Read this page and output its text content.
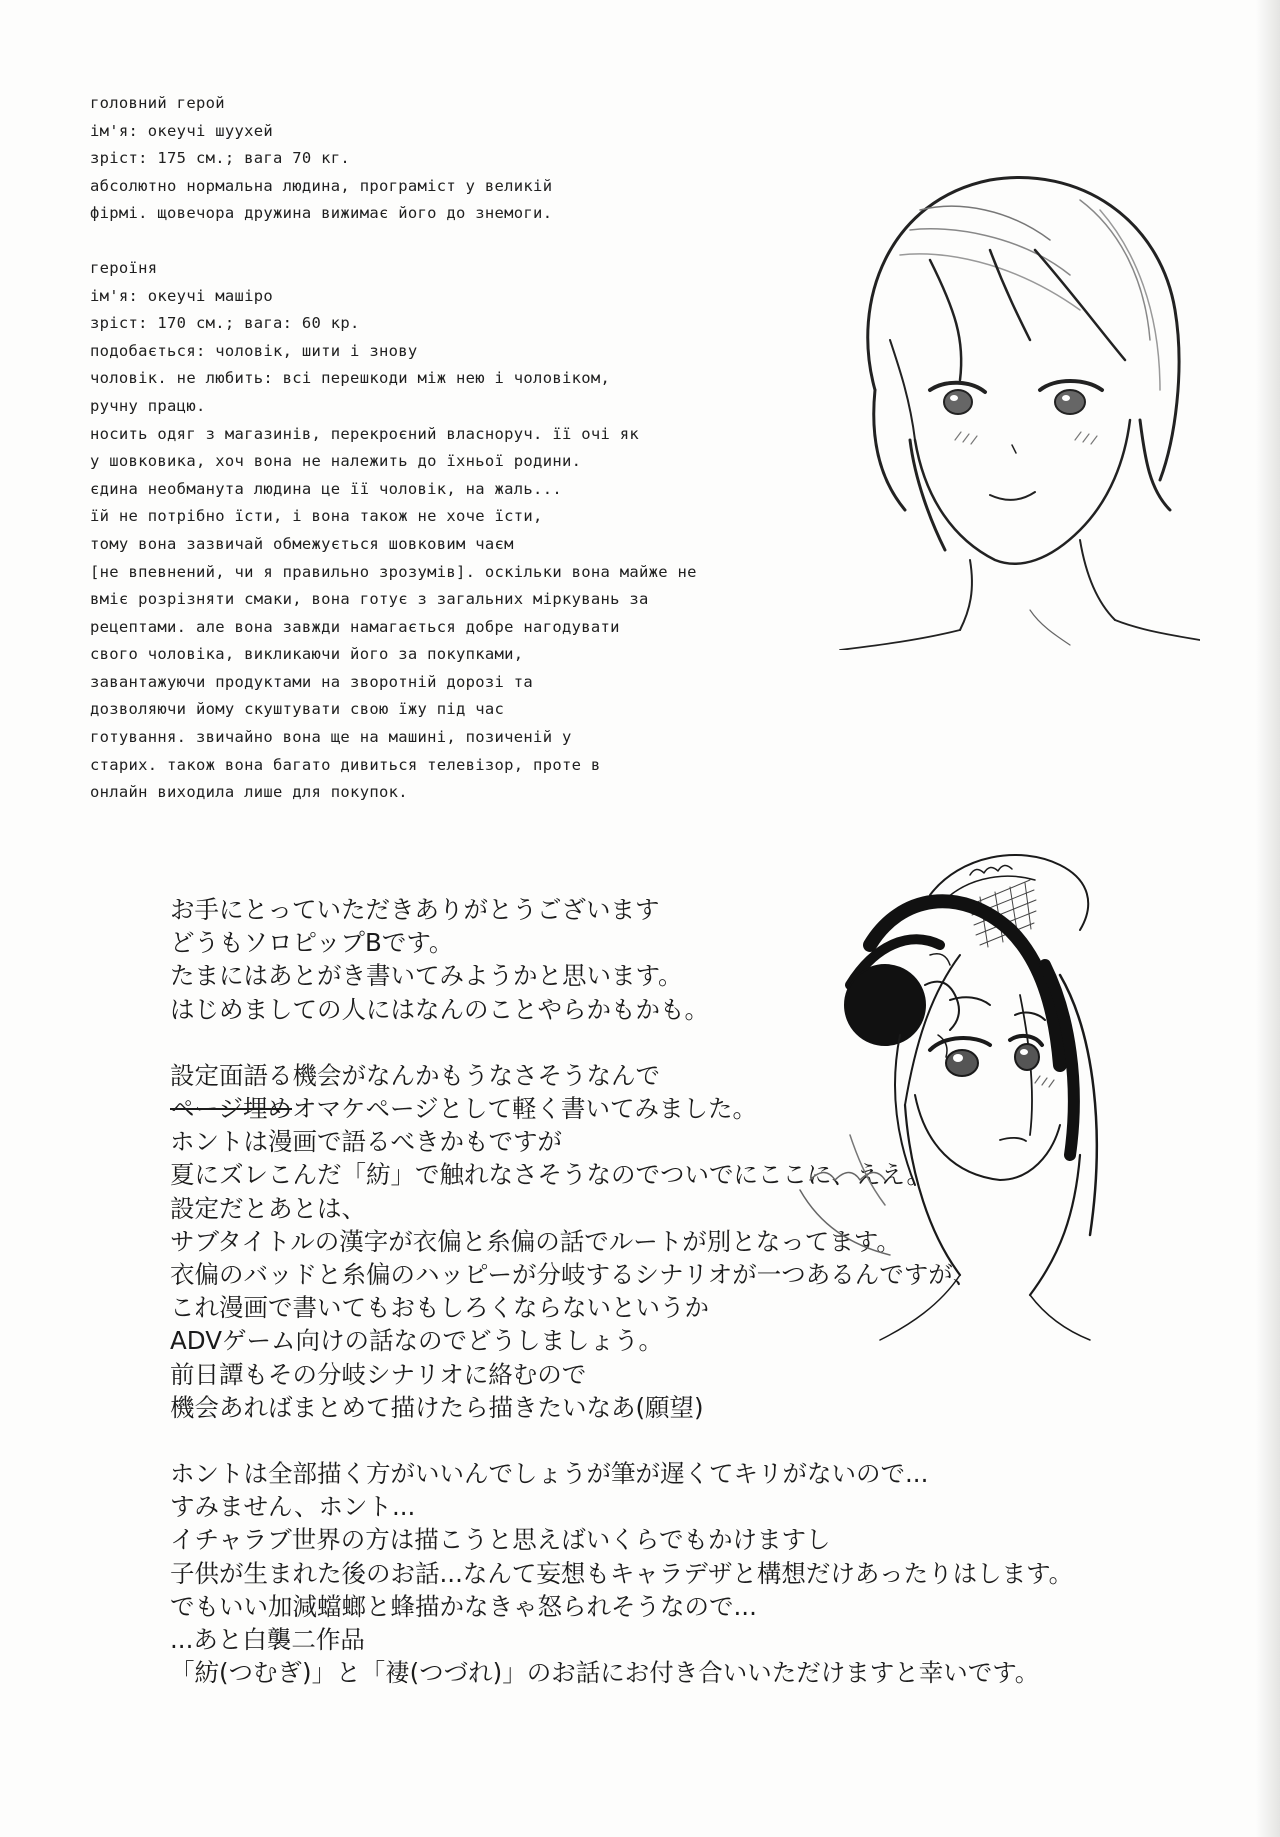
головний герой
ім'я: океучі шуухей
зріст: 175 см.; вага 70 кг.
абсолютно нормальна людина, програміст у великій
фірмі. щовечора дружина вижимає його до знемоги.
героїня
ім'я: океучі машіро
зріст: 170 см.; вага: 60 кр.
подобається: чоловік, шити і знову
чоловік. не любить: всі перешкоди між нею і чоловіком,
ручну працю.
носить одяг з магазинів, перекроєний власноруч. її очі як
у шовковика, хоч вона не належить до їхньої родини.
єдина необманута людина це її чоловік, на жаль...
їй не потрібно їсти, і вона також не хоче їсти,
тому вона зазвичай обмежується шовковим чаєм
[не впевнений, чи я правильно зрозумів]. оскільки вона майже не
вміє розрізняти смаки, вона готує з загальних міркувань за
рецептами. але вона завжди намагається добре нагодувати
свого чоловіка, викликаючи його за покупками,
завантажуючи продуктами на зворотній дорозі та
дозволяючи йому скуштувати свою їжу під час
готування. звичайно вона ще на машині, позиченій у
старих. також вона багато дивиться телевізор, проте в
онлайн виходила лише для покупок.
お手にとっていただきありがとうございます
どうもソロピップBです。
たまにはあとがき書いてみようかと思います。
はじめましての人にはなんのことやらかもかも。
設定面語る機会がなんかもうなさそうなんで
ページ埋めオマケページとして軽く書いてみました。
ホントは漫画で語るべきかもですが
夏にズレこんだ「紡」で触れなさそうなのでついでにここに、ええ。
設定だとあとは、
サブタイトルの漢字が衣偏と糸偏の話でルートが別となってます。
衣偏のバッドと糸偏のハッピーが分岐するシナリオが一つあるんですが、
これ漫画で書いてもおもしろくならないというか
ADVゲーム向けの話なのでどうしましょう。
前日譚もその分岐シナリオに絡むので
機会あればまとめて描けたら描きたいなあ(願望)
ホントは全部描く方がいいんでしょうが筆が遅くてキリがないので...
すみません、ホント...
イチャラブ世界の方は描こうと思えばいくらでもかけますし
子供が生まれた後のお話...なんて妄想もキャラデザと構想だけあったりはします。
でもいい加減蟷螂と蜂描かなきゃ怒られそうなので...
...あと白襲二作品
「紡(つむぎ)」と「褄(つづれ)」のお話にお付き合いいただけますと幸いです。
